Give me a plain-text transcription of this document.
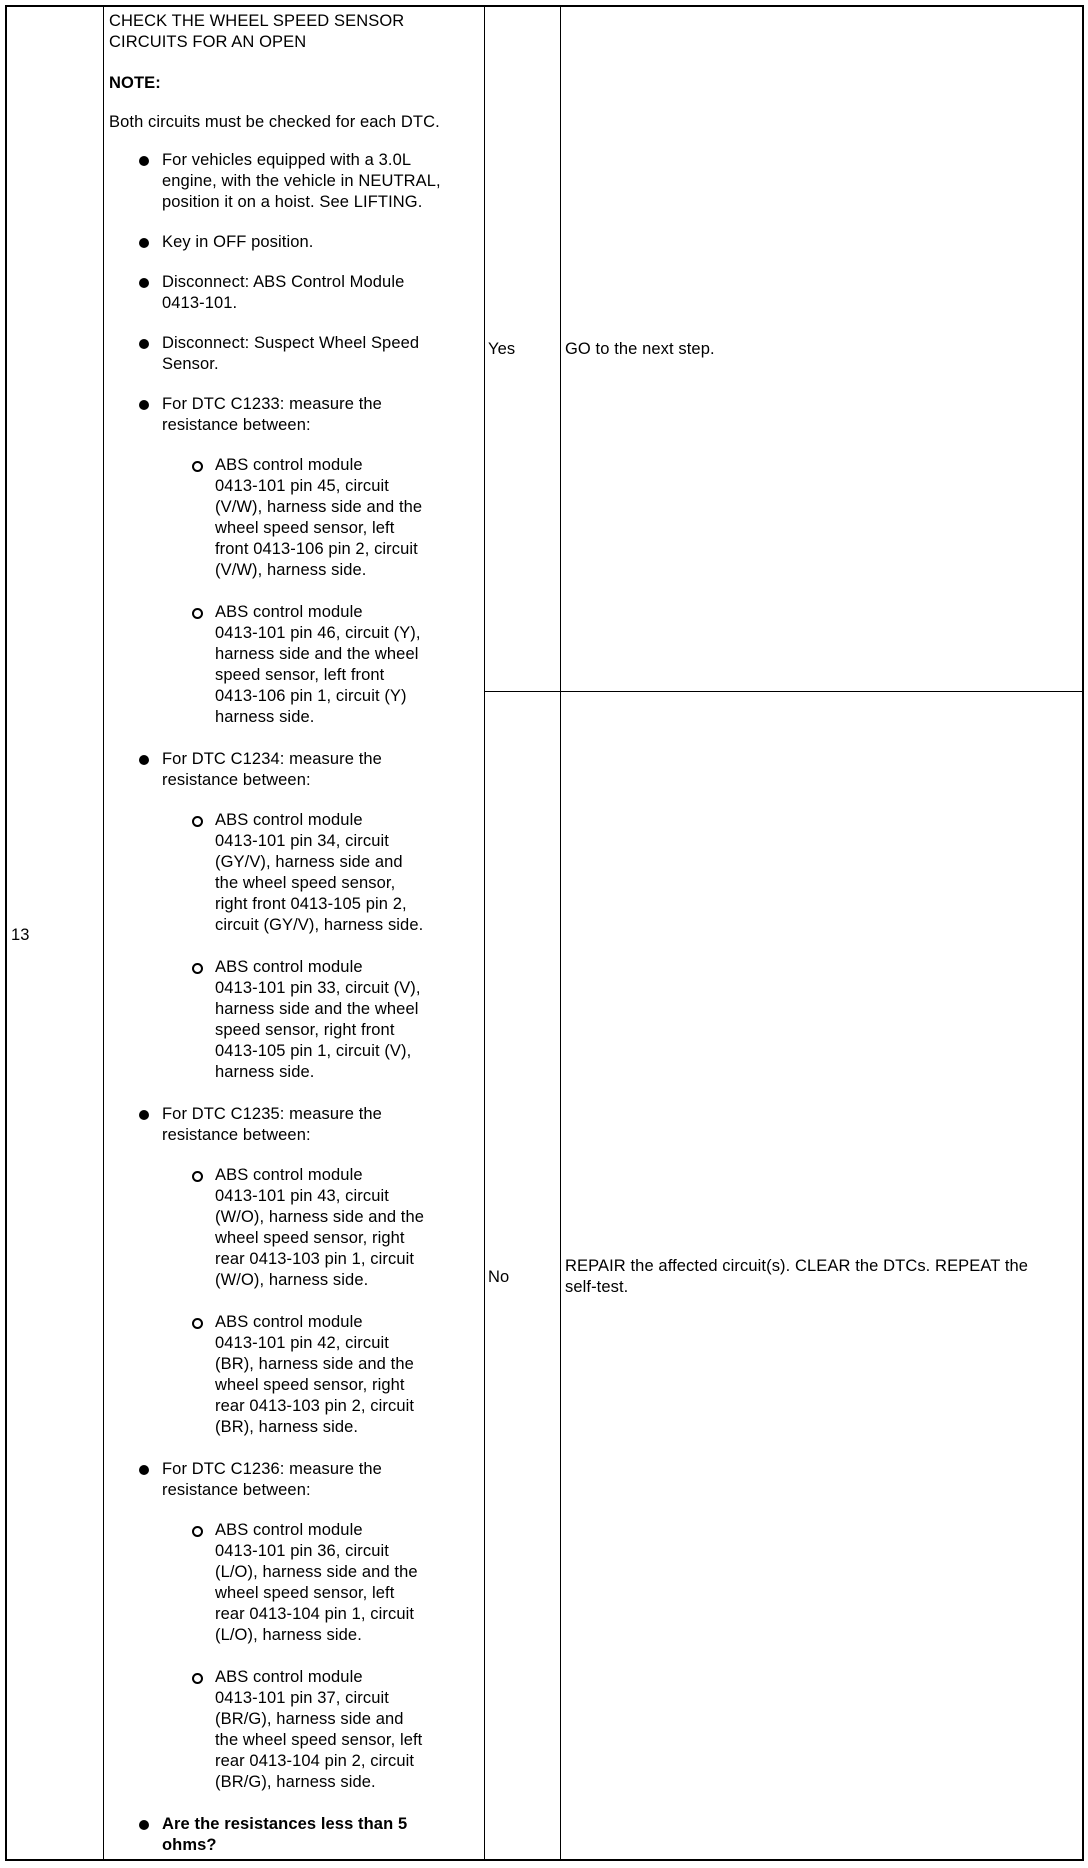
13

CHECK THE WHEEL SPEED SENSOR
CIRCUITS FOR AN OPEN

NOTE:

Both circuits must be checked for each DTC.

For vehicles equipped with a 3.0L
engine, with the vehicle in NEUTRAL,
position it on a hoist. See LIFTING.

Key in OFF position.

Disconnect: ABS Control Module
0413-101.

Disconnect: Suspect Wheel Speed
Sensor.

For DTC C1233: measure the
resistance between:

ABS control module
0413-101 pin 45, circuit
(V/W), harness side and the
wheel speed sensor, left
front 0413-106 pin 2, circuit
(V/W), harness side.

ABS control module
0413-101 pin 46, circuit (Y),
harness side and the wheel
speed sensor, left front
0413-106 pin 1, circuit (Y)
harness side.

For DTC C1234: measure the
resistance between:

ABS control module
0413-101 pin 34, circuit
(GY/V), harness side and
the wheel speed sensor,
right front 0413-105 pin 2,
circuit (GY/V), harness side.

ABS control module
0413-101 pin 33, circuit (V),
harness side and the wheel
speed sensor, right front
0413-105 pin 1, circuit (V),
harness side.

For DTC C1235: measure the
resistance between:

ABS control module
0413-101 pin 43, circuit
(W/O), harness side and the
wheel speed sensor, right
rear 0413-103 pin 1, circuit
(W/O), harness side.

ABS control module
0413-101 pin 42, circuit
(BR), harness side and the
wheel speed sensor, right
rear 0413-103 pin 2, circuit
(BR), harness side.

For DTC C1236: measure the
resistance between:

ABS control module
0413-101 pin 36, circuit
(L/O), harness side and the
wheel speed sensor, left
rear 0413-104 pin 1, circuit
(L/O), harness side.

ABS control module
0413-101 pin 37, circuit
(BR/G), harness side and
the wheel speed sensor, left
rear 0413-104 pin 2, circuit
(BR/G), harness side.

Are the resistances less than 5
ohms?

Yes	GO to the next step.

No

REPAIR the affected circuit(s). CLEAR the DTCs. REPEAT the
self-test.
